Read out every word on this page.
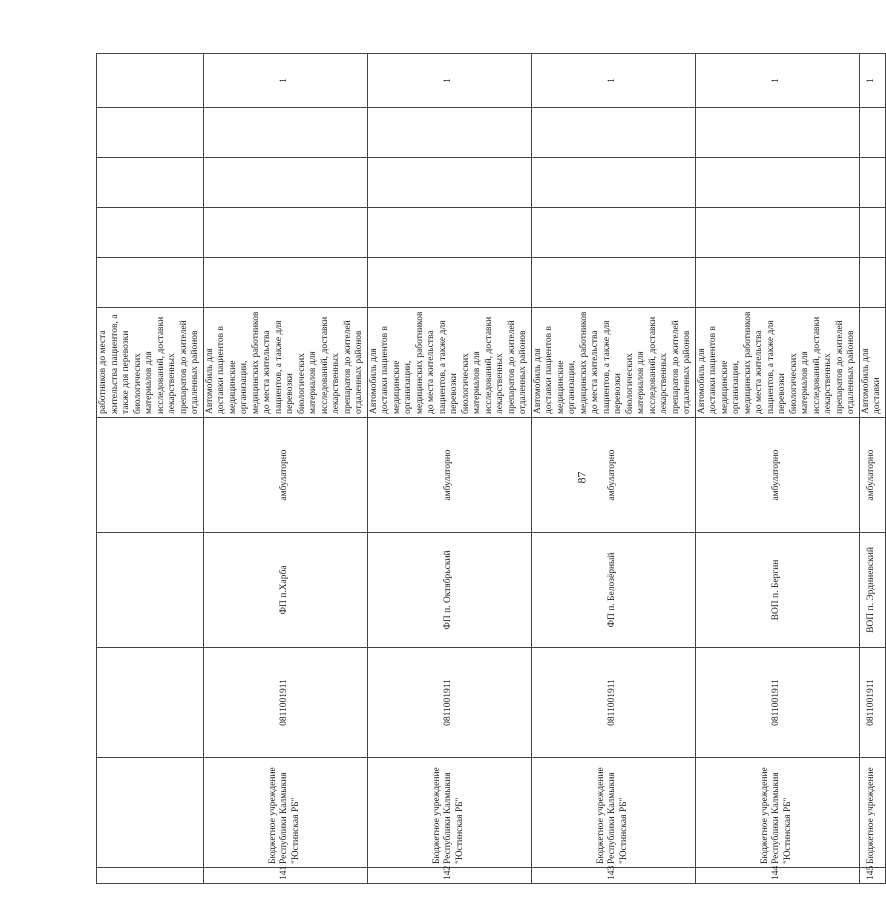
					работников до места жительства пациентов, а также для перевозки биологических материалов для исследований, доставки лекарственных препаратов до жителей отдаленных районов					
141	Бюджетное учреждение Республики Калмыкия "Юстинская РБ"	0811001911	ФП п.Харба	амбулаторно	Автомобиль для доставки пациентов в медицинские организации, медицинских работников до места жительства пациентов, а также для перевозки биологических материалов для исследований, доставки лекарственных препаратов до жителей отдаленных районов					1
142	Бюджетное учреждение Республики Калмыкия "Юстинская РБ"	0811001911	ФП п. Октябрьский	амбулаторно	Автомобиль для доставки пациентов в медицинские организации, медицинских работников до места жительства пациентов, а также для перевозки биологических материалов для исследований, доставки лекарственных препаратов до жителей отдаленных районов					1
143	Бюджетное учреждение Республики Калмыкия "Юстинская РБ"	0811001911	ФП п. Белозёрный	амбулаторно	Автомобиль для доставки пациентов в медицинские организации, медицинских работников до места жительства пациентов, а также для перевозки биологических материалов для исследований, доставки лекарственных препаратов до жителей отдаленных районов					1
144	Бюджетное учреждение Республики Калмыкия "Юстинская РБ"	0811001911	ВОП п. Бергин	амбулаторно	Автомобиль для доставки пациентов в медицинские организации, медицинских работников до места жительства пациентов, а также для перевозки биологических материалов для исследований, доставки лекарственных препаратов до жителей отдаленных районов					1
145	Бюджетное учреждение	0811001911	ВОП п. Эрдниевский	амбулаторно	Автомобиль для доставки					1
87
